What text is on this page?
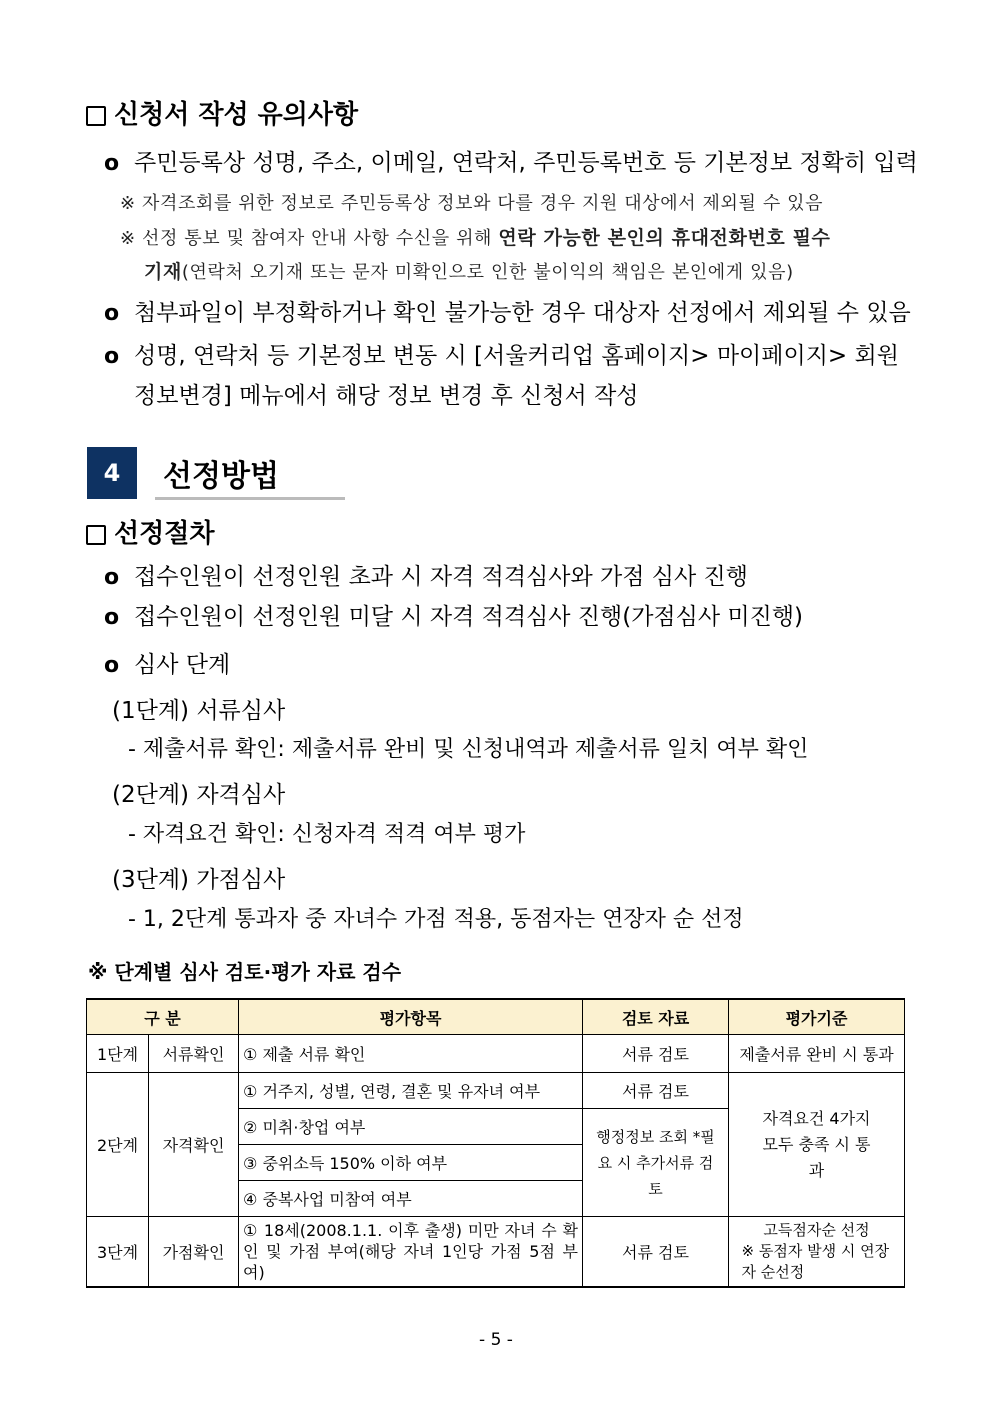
신청서 작성 유의사항
o 주민등록상 성명, 주소, 이메일, 연락처, 주민등록번호 등 기본정보 정확히 입력
※ 자격조회를 위한 정보로 주민등록상 정보와 다를 경우 지원 대상에서 제외될 수 있음
※ 선정 통보 및 참여자 안내 사항 수신을 위해 연락 가능한 본인의 휴대전화번호 필수
기재(연락처 오기재 또는 문자 미확인으로 인한 불이익의 책임은 본인에게 있음)
o 첨부파일이 부정확하거나 확인 불가능한 경우 대상자 선정에서 제외될 수 있음
o 성명, 연락처 등 기본정보 변동 시 [서울커리업 홈페이지> 마이페이지> 회원
정보변경] 메뉴에서 해당 정보 변경 후 신청서 작성
4	선정방법
선정절차
o 접수인원이 선정인원 초과 시 자격 적격심사와 가점 심사 진행
o 접수인원이 선정인원 미달 시 자격 적격심사 진행(가점심사 미진행)
o 심사 단계
(1단계) 서류심사
- 제출서류 확인: 제출서류 완비 및 신청내역과 제출서류 일치 여부 확인
(2단계) 자격심사
- 자격요건 확인: 신청자격 적격 여부 평가
(3단계) 가점심사
- 1, 2단계 통과자 중 자녀수 가점 적용, 동점자는 연장자 순 선정
※ 단계별 심사 검토·평가 자료 검수
구 분		평가항목	검토 자료	평가기준
1단계	서류확인	① 제출 서류 확인	서류 검토	제출서류 완비 시 통과
2단계	자격확인	① 거주지, 성별, 연령, 결혼 및 유자녀 여부	서류 검토	자격요건 4가지 모두 충족 시 통과

		② 미취·창업 여부	행정정보 조회 *필요 시 추가서류 검토	

		③ 중위소득 150% 이하 여부		
		④ 중복사업 미참여 여부		
3단계	가점확인	① 18세(2008.1.1. 이후 출생) 미만 자녀 수 확인 및 가점 부여(해당 자녀 1인당 가점 5점 부여)	서류 검토	고득점자순 선정
※ 동점자 발생 시 연장자 순선정
- 5 -
